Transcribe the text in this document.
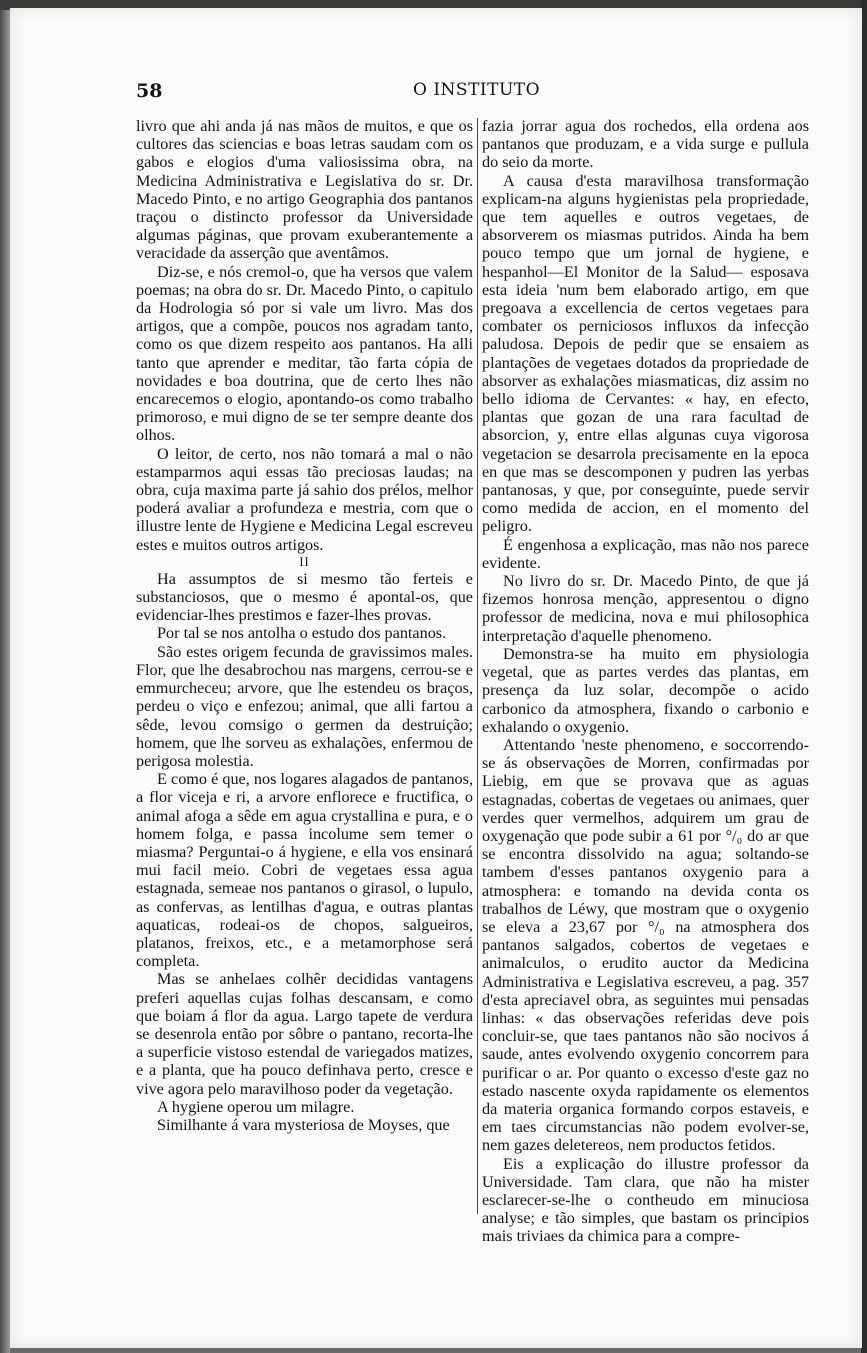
58	O INSTITUTO

livro que ahi anda já nas mãos de muitos, e que os cultores das sciencias e boas letras saudam com os gabos e elogios d'uma valiosissima obra, na Medicina Administrativa e Legislativa do sr. Dr. Macedo Pinto, e no artigo Geographia dos pantanos traçou o distincto professor da Universidade algumas páginas, que provam exuberantemente a veracidade da asserção que aventâmos.

Diz-se, e nós cremol-o, que ha versos que valem poemas; na obra do sr. Dr. Macedo Pinto, o capitulo da Hodrologia só por si vale um livro. Mas dos artigos, que a compõe, poucos nos agradam tanto, como os que dizem respeito aos pantanos. Ha alli tanto que aprender e meditar, tão farta cópia de novidades e boa doutrina, que de certo lhes não encarecemos o elogio, apontando-os como trabalho primoroso, e mui digno de se ter sempre deante dos olhos.

O leitor, de certo, nos não tomará a mal o não estamparmos aqui essas tão preciosas laudas; na obra, cuja maxima parte já sahio dos prélos, melhor poderá avaliar a profundeza e mestria, com que o illustre lente de Hygiene e Medicina Legal escreveu estes e muitos outros artigos.

II

Ha assumptos de si mesmo tão ferteis e substanciosos, que o mesmo é apontal-os, que evidenciar-lhes prestimos e fazer-lhes provas.

Por tal se nos antolha o estudo dos pantanos.

São estes origem fecunda de gravissimos males. Flor, que lhe desabrochou nas margens, cerrou-se e emmurcheceu; arvore, que lhe estendeu os braços, perdeu o viço e enfezou; animal, que alli fartou a sêde, levou comsigo o germen da destruição; homem, que lhe sorveu as exhalações, enfermou de perigosa molestia.

E como é que, nos logares alagados de pantanos, a flor viceja e ri, a arvore enflorece e fructifica, o animal afoga a sêde em agua crystallina e pura, e o homem folga, e passa incolume sem temer o miasma? Perguntai-o á hygiene, e ella vos ensinará mui facil meio. Cobri de vegetaes essa agua estagnada, semeae nos pantanos o girasol, o lupulo, as confervas, as lentilhas d'agua, e outras plantas aquaticas, rodeai-os de chopos, salgueiros, platanos, freixos, etc., e a metamorphose será completa.

Mas se anhelaes colhêr decididas vantagens preferi aquellas cujas folhas descansam, e como que boiam á flor da agua. Largo tapete de verdura se desenrola então por sôbre o pantano, recorta-lhe a superficie vistoso estendal de variegados matizes, e a planta, que ha pouco definhava perto, cresce e vive agora pelo maravilhoso poder da vegetação.

A hygiene operou um milagre.

Similhante á vara mysteriosa de Moyses, que

fazia jorrar agua dos rochedos, ella ordena aos pantanos que produzam, e a vida surge e pullula do seio da morte.

A causa d'esta maravilhosa transformação explicam-na alguns hygienistas pela propriedade, que tem aquelles e outros vegetaes, de absorverem os miasmas putridos. Ainda ha bem pouco tempo que um jornal de hygiene, e hespanhol—El Monitor de la Salud— esposava esta ideia 'num bem elaborado artigo, em que pregoava a excellencia de certos vegetaes para combater os perniciosos influxos da infecção paludosa. Depois de pedir que se ensaiem as plantações de vegetaes dotados da propriedade de absorver as exhalações miasmaticas, diz assim no bello idioma de Cervantes: « hay, en efecto, plantas que gozan de una rara facultad de absorcion, y, entre ellas algunas cuya vigorosa vegetacion se desarrola precisamente en la epoca en que mas se descomponen y pudren las yerbas pantanosas, y que, por conseguinte, puede servir como medida de accion, en el momento del peligro.

É engenhosa a explicação, mas não nos parece evidente.

No livro do sr. Dr. Macedo Pinto, de que já fizemos honrosa menção, appresentou o digno professor de medicina, nova e mui philosophica interpretação d'aquelle phenomeno.

Demonstra-se ha muito em physiologia vegetal, que as partes verdes das plantas, em presença da luz solar, decompõe o acido carbonico da atmosphera, fixando o carbonio e exhalando o oxygenio.

Attentando 'neste phenomeno, e soccorrendo-se ás observações de Morren, confirmadas por Liebig, em que se provava que as aguas estagnadas, cobertas de vegetaes ou animaes, quer verdes quer vermelhos, adquirem um grau de oxygenação que pode subir a 61 por °/₀ do ar que se encontra dissolvido na agua; soltando-se tambem d'esses pantanos oxygenio para a atmosphera: e tomando na devida conta os trabalhos de Léwy, que mostram que o oxygenio se eleva a 23,67 por °/₀ na atmosphera dos pantanos salgados, cobertos de vegetaes e animalculos, o erudito auctor da Medicina Administrativa e Legislativa escreveu, a pag. 357 d'esta apreciavel obra, as seguintes mui pensadas linhas: « das observações referidas deve pois concluir-se, que taes pantanos não são nocivos á saude, antes evolvendo oxygenio concorrem para purificar o ar. Por quanto o excesso d'este gaz no estado nascente oxyda rapidamente os elementos da materia organica formando corpos estaveis, e em taes circumstancias não podem evolver-se, nem gazes deletereos, nem productos fetidos.

Eis a explicação do illustre professor da Universidade. Tam clara, que não ha mister esclarecer-se-lhe o contheudo em minuciosa analyse; e tão simples, que bastam os principios mais triviaes da chimica para a compre-
